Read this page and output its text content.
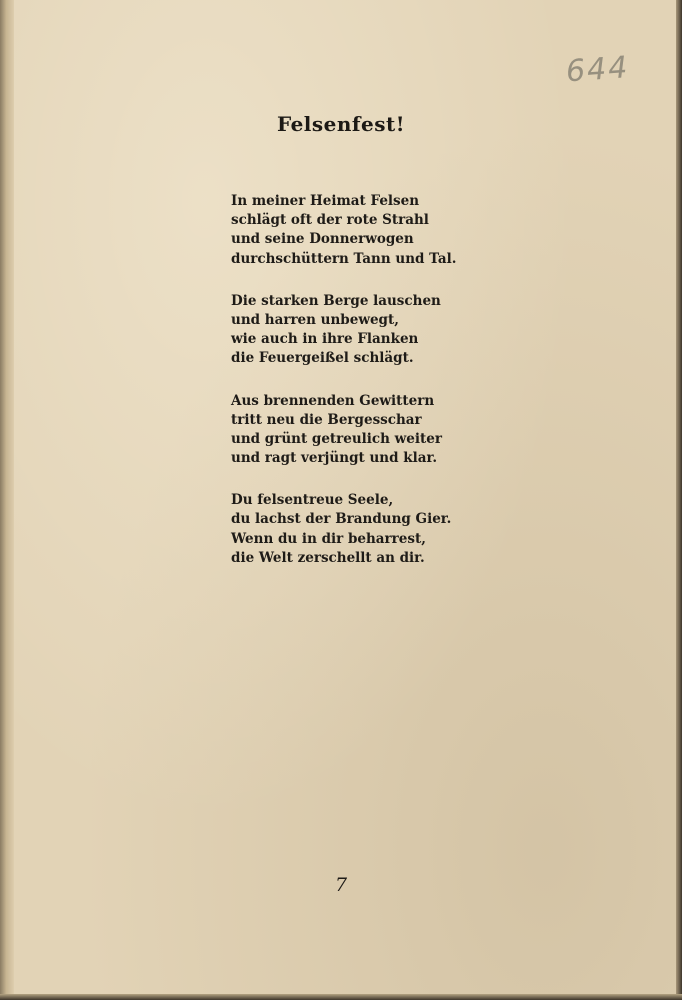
644
Felsenfest!
In meiner Heimat Felsen
schlägt oft der rote Strahl
und seine Donnerwogen
durchschüttern Tann und Tal.
Die starken Berge lauschen
und harren unbewegt,
wie auch in ihre Flanken
die Feuergeißel schlägt.
Aus brennenden Gewittern
tritt neu die Bergesschar
und grünt getreulich weiter
und ragt verjüngt und klar.
Du felsentreue Seele,
du lachst der Brandung Gier.
Wenn du in dir beharrest,
die Welt zerschellt an dir.
7
